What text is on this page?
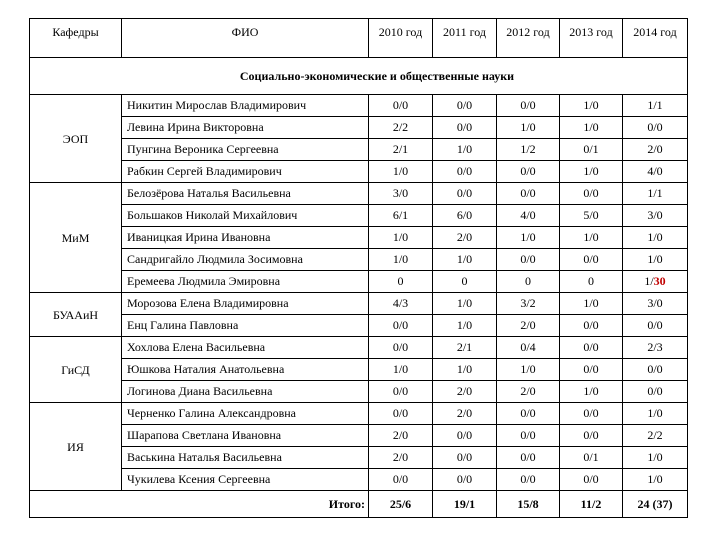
Кафедры	ФИО	2010 год	2011 год	2012 год	2013 год	2014 год
Социально-экономические и общественные науки						
ЭОП	Никитин Мирослав Владимирович	0/0	0/0	0/0	1/0	1/1
	Левина Ирина Викторовна	2/2	0/0	1/0	1/0	0/0
	Пунгина Вероника Сергеевна	2/1	1/0	1/2	0/1	2/0
	Рабкин Сергей Владимирович	1/0	0/0	0/0	1/0	4/0
МиМ	Белозёрова Наталья Васильевна	3/0	0/0	0/0	0/0	1/1
	Большаков Николай Михайлович	6/1	6/0	4/0	5/0	3/0
	Иваницкая Ирина Ивановна	1/0	2/0	1/0	1/0	1/0
	Сандригайло Людмила Зосимовна	1/0	1/0	0/0	0/0	1/0
	Еремеева Людмила Эмировна	0	0	0	0	1/30
БУААиН	Морозова Елена Владимировна	4/3	1/0	3/2	1/0	3/0
	Енц Галина Павловна	0/0	1/0	2/0	0/0	0/0
ГиСД	Хохлова Елена Васильевна	0/0	2/1	0/4	0/0	2/3
	Юшкова Наталия Анатольевна	1/0	1/0	1/0	0/0	0/0
	Логинова Диана Васильевна	0/0	2/0	2/0	1/0	0/0
ИЯ	Черненко Галина Александровна	0/0	2/0	0/0	0/0	1/0
	Шарапова Светлана Ивановна	2/0	0/0	0/0	0/0	2/2
	Васькина Наталья Васильевна	2/0	0/0	0/0	0/1	1/0
	Чукилева Ксения Сергеевна	0/0	0/0	0/0	0/0	1/0
Итого:		25/6	19/1	15/8	11/2	24 (37)
